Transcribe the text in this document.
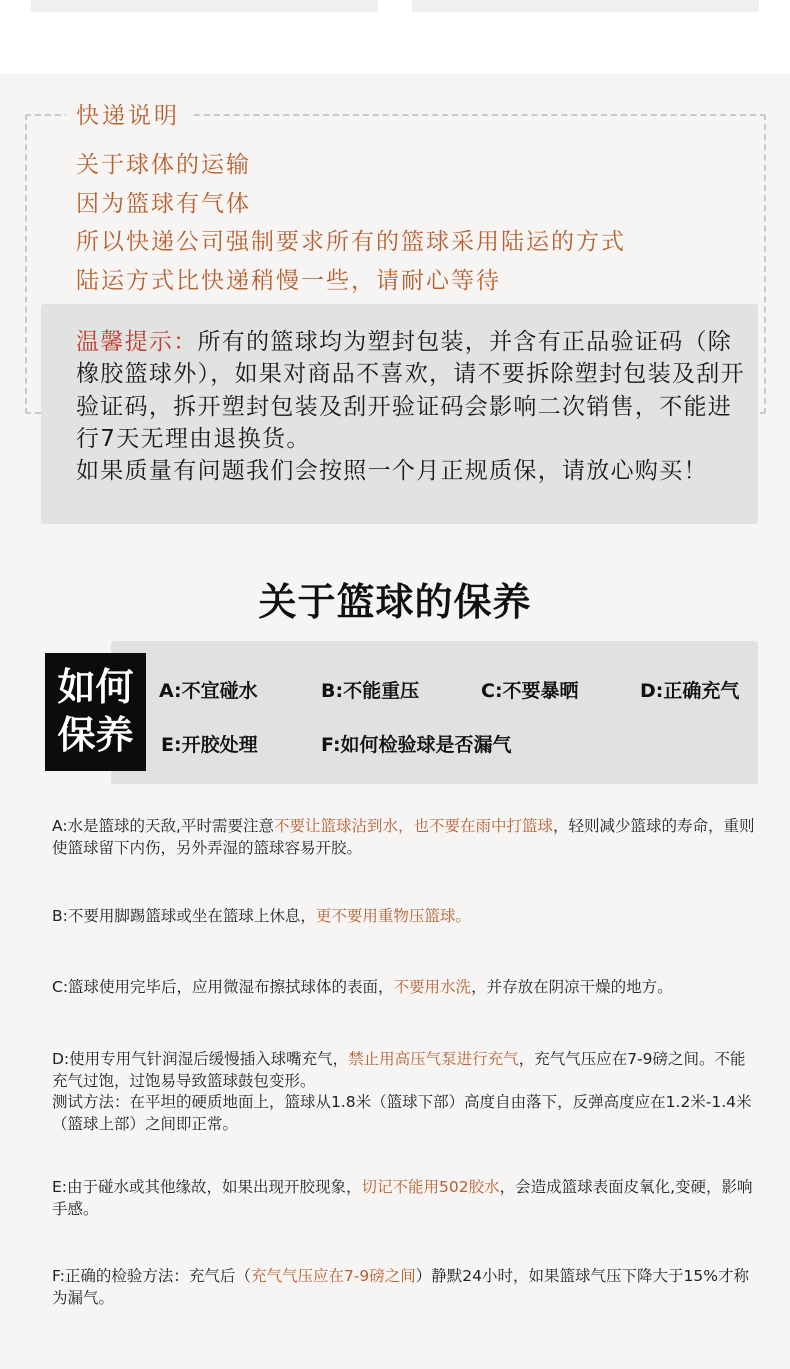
快递说明
关于球体的运输
因为篮球有气体
所以快递公司强制要求所有的篮球采用陆运的方式
陆运方式比快递稍慢一些，请耐心等待
温馨提示：所有的篮球均为塑封包装，并含有正品验证码（除橡胶篮球外），如果对商品不喜欢，请不要拆除塑封包装及刮开验证码，拆开塑封包装及刮开验证码会影响二次销售，不能进行7天无理由退换货。
如果质量有问题我们会按照一个月正规质保，请放心购买！
关于篮球的保养
如何
保养
A:不宜碰水	B:不能重压	C:不要暴晒	D:正确充气
E:开胶处理	F:如何检验球是否漏气
A:水是篮球的天敌,平时需要注意不要让篮球沾到水，也不要在雨中打篮球，轻则减少篮球的寿命，重则使篮球留下内伤，另外弄湿的篮球容易开胶。
B:不要用脚踢篮球或坐在篮球上休息，更不要用重物压篮球。
C:篮球使用完毕后，应用微湿布擦拭球体的表面，不要用水洗，并存放在阴凉干燥的地方。
D:使用专用气针润湿后缓慢插入球嘴充气，禁止用高压气泵进行充气，充气气压应在7-9磅之间。不能充气过饱，过饱易导致篮球鼓包变形。
测试方法：在平坦的硬质地面上，篮球从1.8米（篮球下部）高度自由落下，反弹高度应在1.2米-1.4米（篮球上部）之间即正常。
E:由于碰水或其他缘故，如果出现开胶现象，切记不能用502胶水，会造成篮球表面皮氧化,变硬，影响手感。
F:正确的检验方法：充气后（充气气压应在7-9磅之间）静默24小时，如果篮球气压下降大于15%才称为漏气。
